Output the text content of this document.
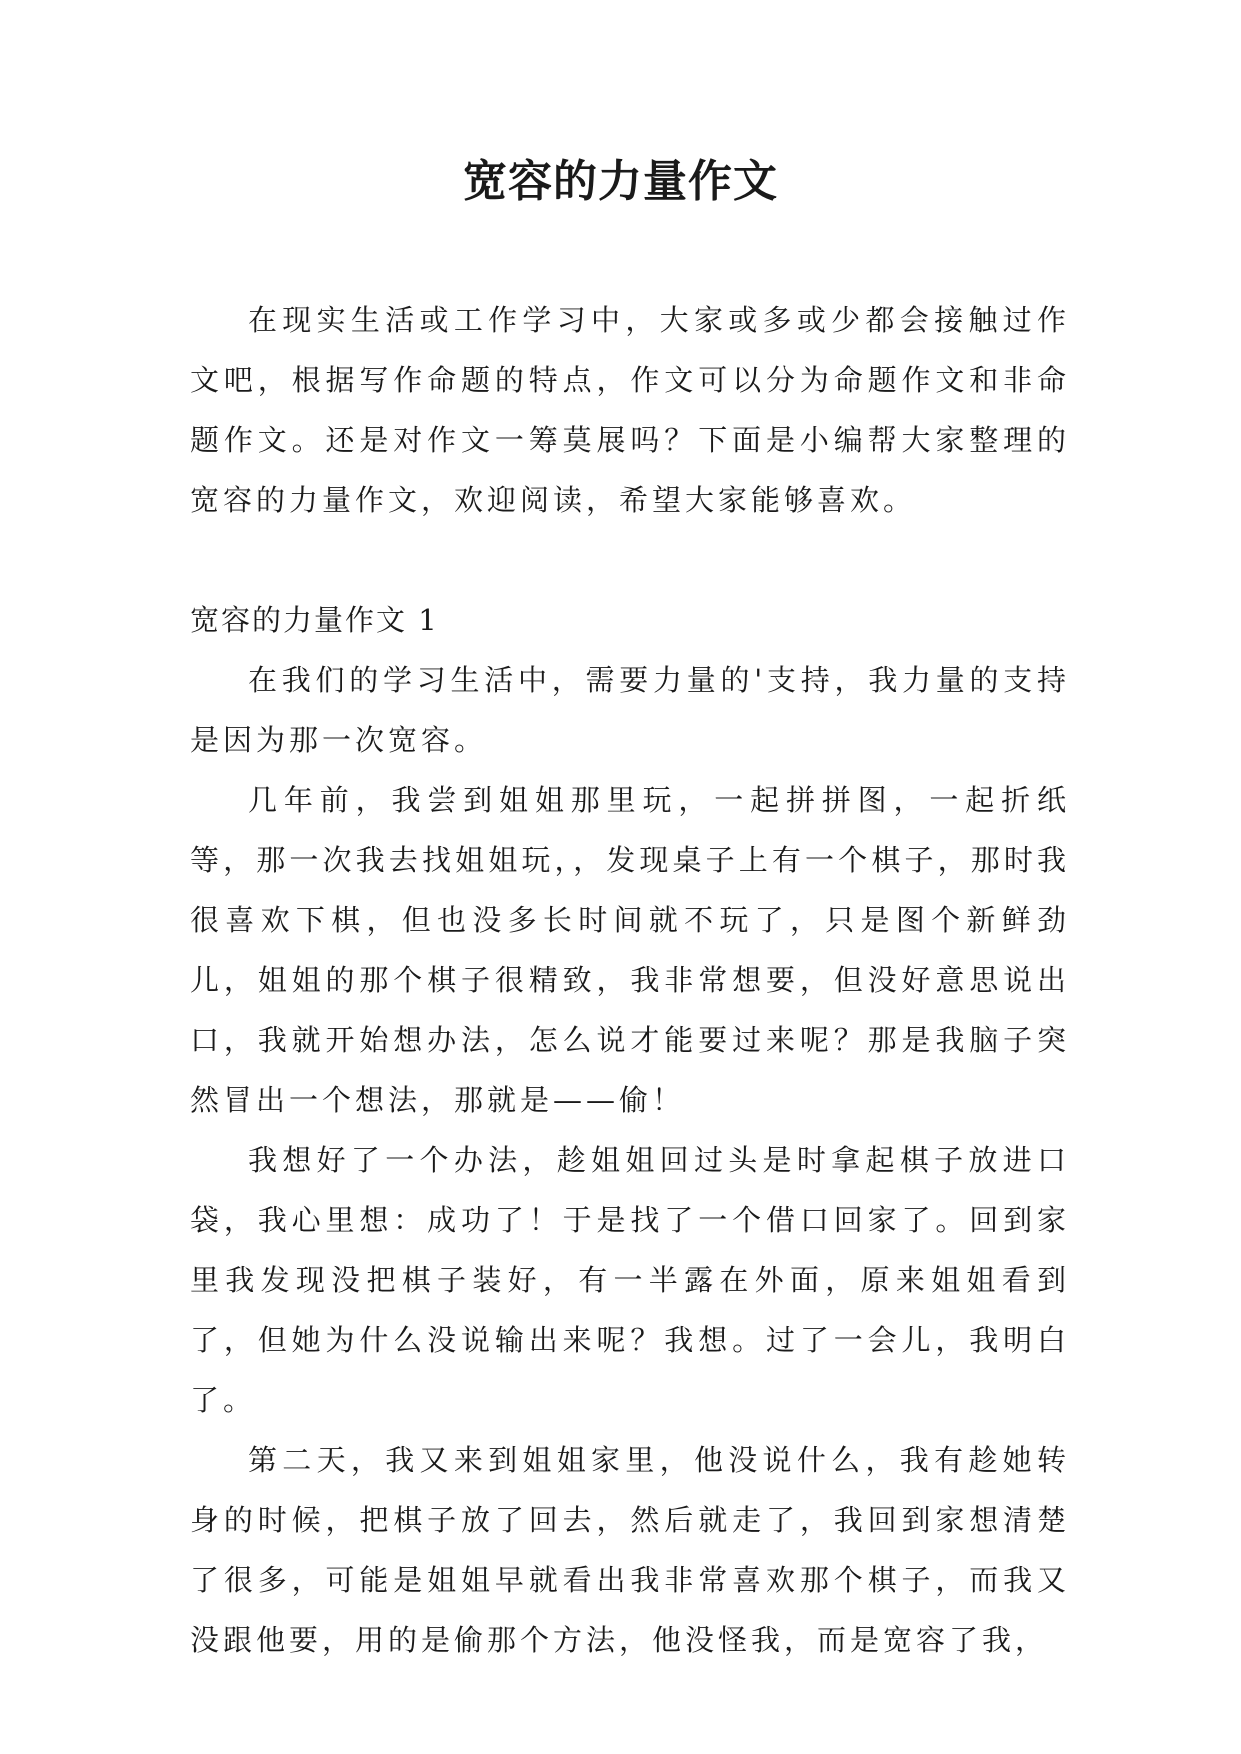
宽容的力量作文

在现实生活或工作学习中，大家或多或少都会接触过作文吧，根据写作命题的特点，作文可以分为命题作文和非命题作文。还是对作文一筹莫展吗？下面是小编帮大家整理的宽容的力量作文，欢迎阅读，希望大家能够喜欢。

宽容的力量作文 1

在我们的学习生活中，需要力量的'支持，我力量的支持是因为那一次宽容。

几年前，我尝到姐姐那里玩，一起拼拼图，一起折纸等，那一次我去找姐姐玩，，发现桌子上有一个棋子，那时我很喜欢下棋，但也没多长时间就不玩了，只是图个新鲜劲儿，姐姐的那个棋子很精致，我非常想要，但没好意思说出口，我就开始想办法，怎么说才能要过来呢？那是我脑子突然冒出一个想法，那就是——偷！

我想好了一个办法，趁姐姐回过头是时拿起棋子放进口袋，我心里想：成功了！于是找了一个借口回家了。回到家里我发现没把棋子装好，有一半露在外面，原来姐姐看到了，但她为什么没说输出来呢？我想。过了一会儿，我明白了。

第二天，我又来到姐姐家里，他没说什么，我有趁她转身的时候，把棋子放了回去，然后就走了，我回到家想清楚了很多，可能是姐姐早就看出我非常喜欢那个棋子，而我又没跟他要，用的是偷那个方法，他没怪我，而是宽容了我，
